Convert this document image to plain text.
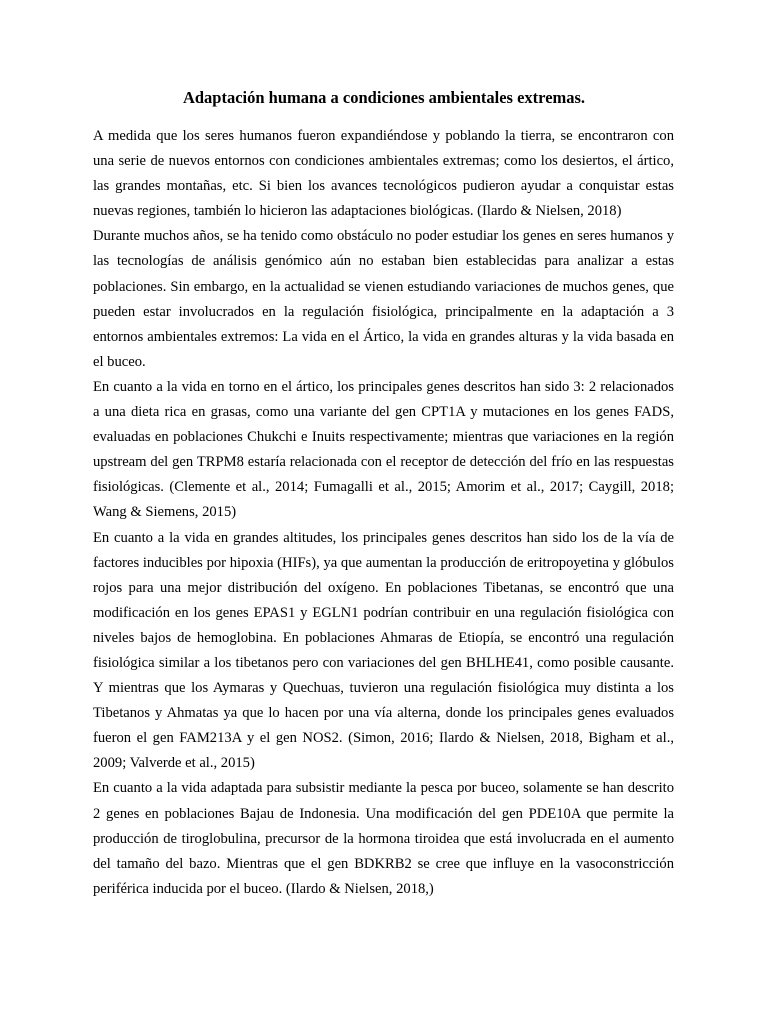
Adaptación humana a condiciones ambientales extremas.

A medida que los seres humanos fueron expandiéndose y poblando la tierra, se encontraron con una serie de nuevos entornos con condiciones ambientales extremas; como los desiertos, el ártico, las grandes montañas, etc. Si bien los avances tecnológicos pudieron ayudar a conquistar estas nuevas regiones, también lo hicieron las adaptaciones biológicas. (Ilardo & Nielsen, 2018)

Durante muchos años, se ha tenido como obstáculo no poder estudiar los genes en seres humanos y las tecnologías de análisis genómico aún no estaban bien establecidas para analizar a estas poblaciones. Sin embargo, en la actualidad se vienen estudiando variaciones de muchos genes, que pueden estar involucrados en la regulación fisiológica, principalmente en la adaptación a 3 entornos ambientales extremos: La vida en el Ártico, la vida en grandes alturas y la vida basada en el buceo.

En cuanto a la vida en torno en el ártico, los principales genes descritos han sido 3: 2 relacionados a una dieta rica en grasas, como una variante del gen CPT1A y mutaciones en los genes FADS, evaluadas en poblaciones Chukchi e Inuits respectivamente; mientras que variaciones en la región upstream del gen TRPM8 estaría relacionada con el receptor de detección del frío en las respuestas fisiológicas. (Clemente et al., 2014; Fumagalli et al., 2015; Amorim et al., 2017; Caygill, 2018; Wang & Siemens, 2015)

En cuanto a la vida en grandes altitudes, los principales genes descritos han sido los de la vía de factores inducibles por hipoxia (HIFs), ya que aumentan la producción de eritropoyetina y glóbulos rojos para una mejor distribución del oxígeno. En poblaciones Tibetanas, se encontró que una modificación en los genes EPAS1 y EGLN1 podrían contribuir en una regulación fisiológica con niveles bajos de hemoglobina. En poblaciones Ahmaras de Etiopía, se encontró una regulación fisiológica similar a los tibetanos pero con variaciones del gen BHLHE41, como posible causante. Y mientras que los Aymaras y Quechuas, tuvieron una regulación fisiológica muy distinta a los Tibetanos y Ahmatas ya que lo hacen por una vía alterna, donde los principales genes evaluados fueron el gen FAM213A y el gen NOS2. (Simon, 2016; Ilardo & Nielsen, 2018, Bigham et al., 2009; Valverde et al., 2015)

En cuanto a la vida adaptada para subsistir mediante la pesca por buceo, solamente se han descrito 2 genes en poblaciones Bajau de Indonesia. Una modificación del gen PDE10A que permite la producción de tiroglobulina, precursor de la hormona tiroidea que está involucrada en el aumento del tamaño del bazo. Mientras que el gen BDKRB2 se cree que influye en la vasoconstricción periférica inducida por el buceo. (Ilardo & Nielsen, 2018,)
